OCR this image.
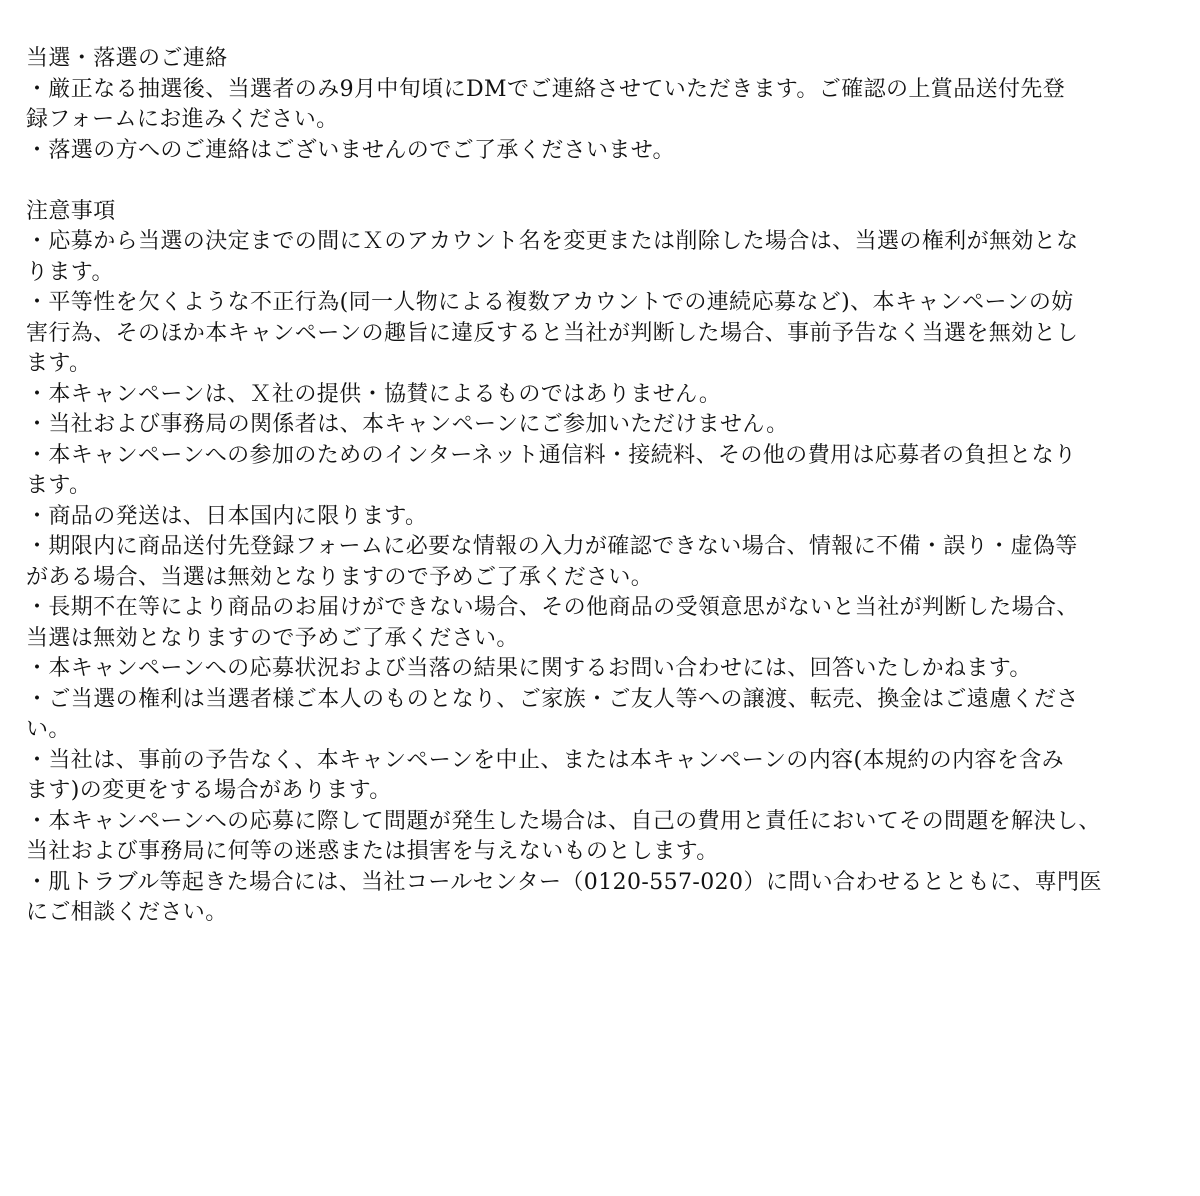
当選・落選のご連絡
・厳正なる抽選後、当選者のみ9月中旬頃にDMでご連絡させていただきます。ご確認の上賞品送付先登
録フォームにお進みください。
・落選の方へのご連絡はございませんのでご了承くださいませ。
注意事項
・応募から当選の決定までの間にＸのアカウント名を変更または削除した場合は、当選の権利が無効とな
ります。
・平等性を欠くような不正行為(同一人物による複数アカウントでの連続応募など)、本キャンペーンの妨
害行為、そのほか本キャンペーンの趣旨に違反すると当社が判断した場合、事前予告なく当選を無効とし
ます。
・本キャンペーンは、Ｘ社の提供・協賛によるものではありません。
・当社および事務局の関係者は、本キャンペーンにご参加いただけません。
・本キャンペーンへの参加のためのインターネット通信料・接続料、その他の費用は応募者の負担となり
ます。
・商品の発送は、日本国内に限ります。
・期限内に商品送付先登録フォームに必要な情報の入力が確認できない場合、情報に不備・誤り・虚偽等
がある場合、当選は無効となりますので予めご了承ください。
・長期不在等により商品のお届けができない場合、その他商品の受領意思がないと当社が判断した場合、
当選は無効となりますので予めご了承ください。
・本キャンペーンへの応募状況および当落の結果に関するお問い合わせには、回答いたしかねます。
・ご当選の権利は当選者様ご本人のものとなり、ご家族・ご友人等への譲渡、転売、換金はご遠慮くださ
い。
・当社は、事前の予告なく、本キャンペーンを中止、または本キャンペーンの内容(本規約の内容を含み
ます)の変更をする場合があります。
・本キャンペーンへの応募に際して問題が発生した場合は、自己の費用と責任においてその問題を解決し、
当社および事務局に何等の迷惑または損害を与えないものとします。
・肌トラブル等起きた場合には、当社コールセンター（0120-557-020）に問い合わせるとともに、専門医
にご相談ください。
